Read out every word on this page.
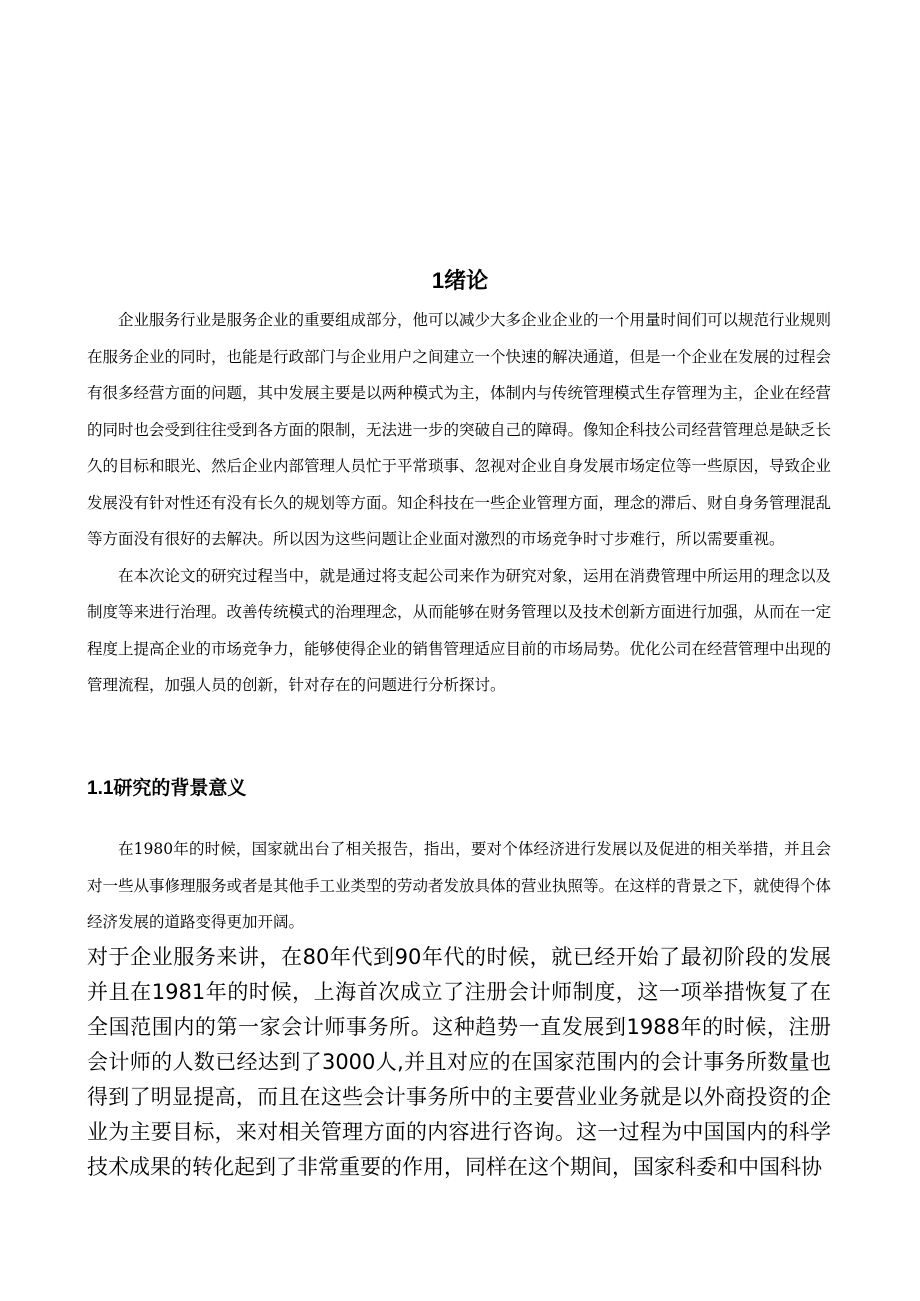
1绪论

企业服务行业是服务企业的重要组成部分，他可以减少大多企业企业的一个用量时间们可以规范行业规则在服务企业的同时，也能是行政部门与企业用户之间建立一个快速的解决通道，但是一个企业在发展的过程会有很多经营方面的问题，其中发展主要是以两种模式为主，体制内与传统管理模式生存管理为主，企业在经营的同时也会受到往往受到各方面的限制，无法进一步的突破自己的障碍。像知企科技公司经营管理总是缺乏长久的目标和眼光、然后企业内部管理人员忙于平常琐事、忽视对企业自身发展市场定位等一些原因，导致企业发展没有针对性还有没有长久的规划等方面。知企科技在一些企业管理方面，理念的滞后、财自身务管理混乱等方面没有很好的去解决。所以因为这些问题让企业面对激烈的市场竞争时寸步难行，所以需要重视。

在本次论文的研究过程当中，就是通过将支起公司来作为研究对象，运用在消费管理中所运用的理念以及制度等来进行治理。改善传统模式的治理理念，从而能够在财务管理以及技术创新方面进行加强，从而在一定程度上提高企业的市场竞争力，能够使得企业的销售管理适应目前的市场局势。优化公司在经营管理中出现的管理流程，加强人员的创新，针对存在的问题进行分析探讨。

1.1研究的背景意义

在1980年的时候，国家就出台了相关报告，指出，要对个体经济进行发展以及促进的相关举措，并且会对一些从事修理服务或者是其他手工业类型的劳动者发放具体的营业执照等。在这样的背景之下，就使得个体经济发展的道路变得更加开阔。

对于企业服务来讲，在80年代到90年代的时候，就已经开始了最初阶段的发展并且在1981年的时候，上海首次成立了注册会计师制度，这一项举措恢复了在全国范围内的第一家会计师事务所。这种趋势一直发展到1988年的时候，注册会计师的人数已经达到了3000人,并且对应的在国家范围内的会计事务所数量也得到了明显提高，而且在这些会计事务所中的主要营业业务就是以外商投资的企业为主要目标，来对相关管理方面的内容进行咨询。这一过程为中国国内的科学技术成果的转化起到了非常重要的作用，同样在这个期间，国家科委和中国科协
